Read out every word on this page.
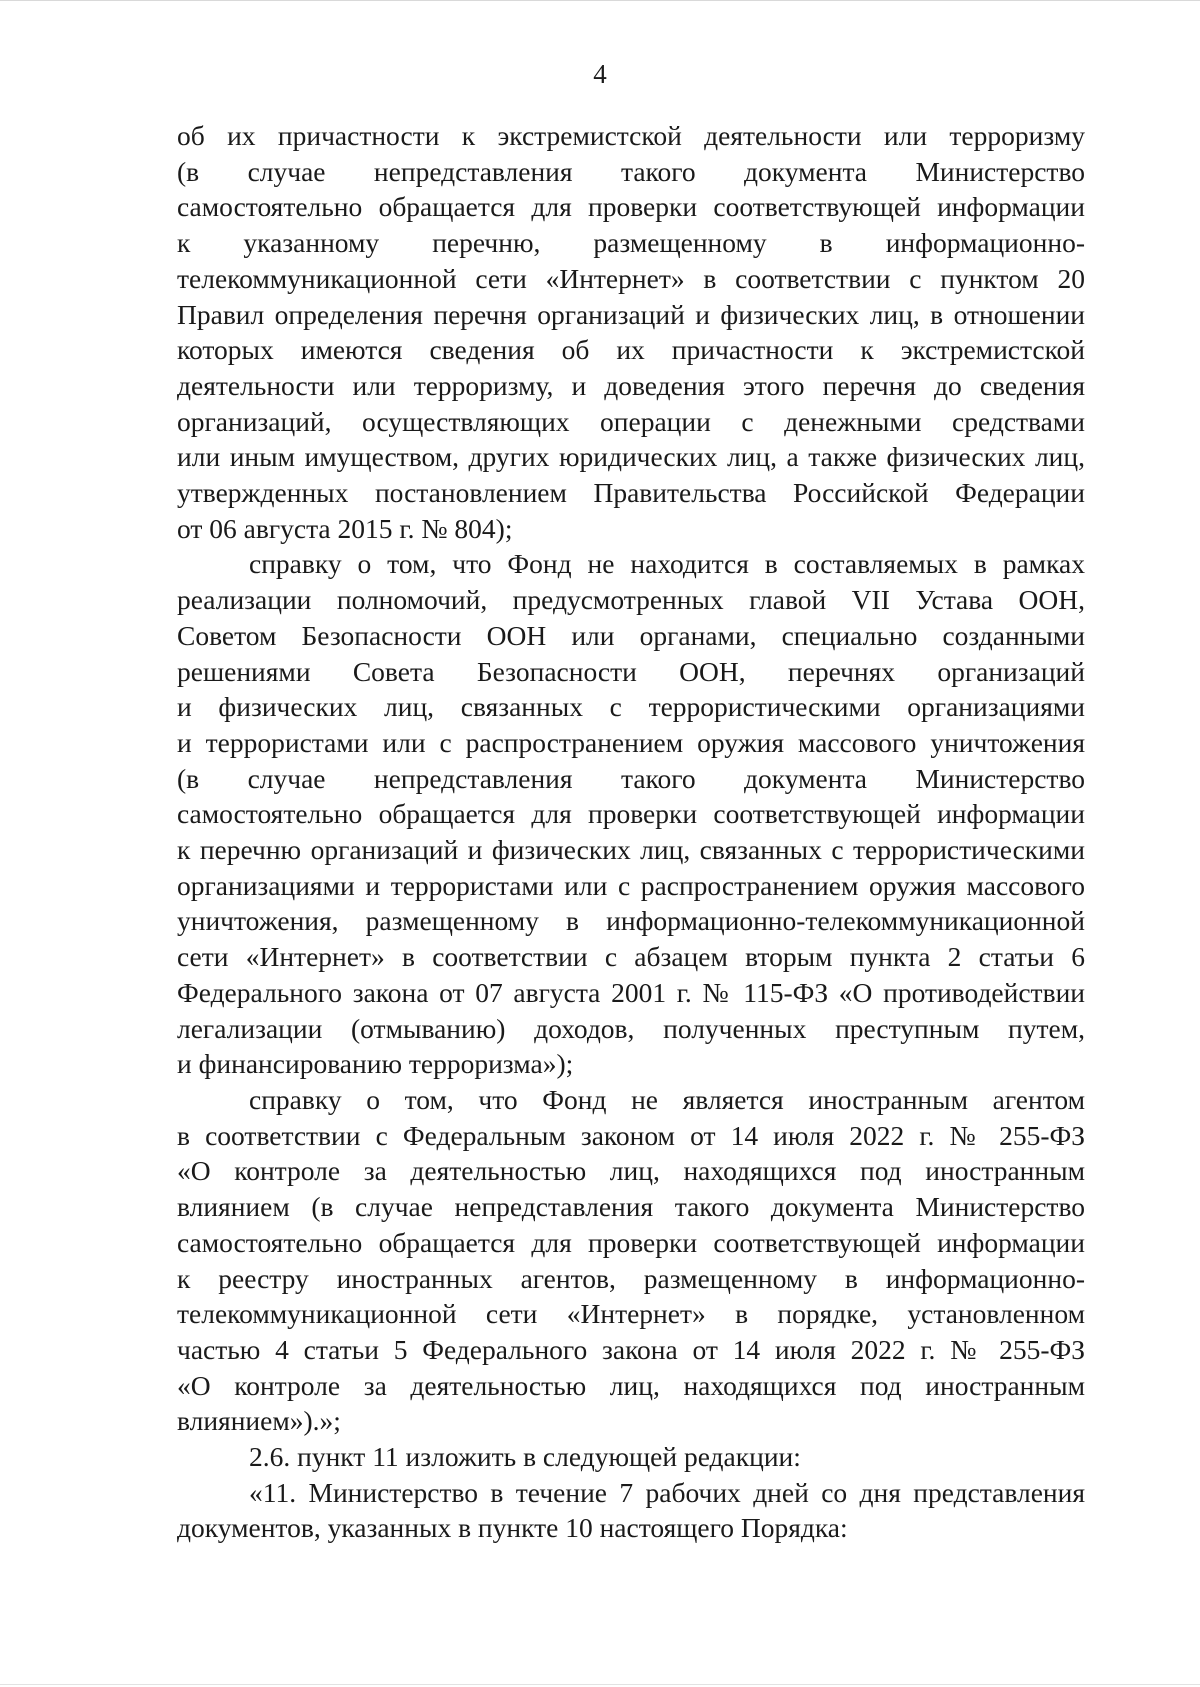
4
об их причастности к экстремистской деятельности или терроризму
(в случае непредставления такого документа Министерство
самостоятельно обращается для проверки соответствующей информации
к указанному перечню, размещенному в информационно-
телекоммуникационной сети «Интернет» в соответствии с пунктом 20
Правил определения перечня организаций и физических лиц, в отношении
которых имеются сведения об их причастности к экстремистской
деятельности или терроризму, и доведения этого перечня до сведения
организаций, осуществляющих операции с денежными средствами
или иным имуществом, других юридических лиц, а также физических лиц,
утвержденных постановлением Правительства Российской Федерации
от 06 августа 2015 г. № 804);
справку о том, что Фонд не находится в составляемых в рамках
реализации полномочий, предусмотренных главой VII Устава ООН,
Советом Безопасности ООН или органами, специально созданными
решениями Совета Безопасности ООН, перечнях организаций
и физических лиц, связанных с террористическими организациями
и террористами или с распространением оружия массового уничтожения
(в случае непредставления такого документа Министерство
самостоятельно обращается для проверки соответствующей информации
к перечню организаций и физических лиц, связанных с террористическими
организациями и террористами или с распространением оружия массового
уничтожения, размещенному в информационно-телекоммуникационной
сети «Интернет» в соответствии с абзацем вторым пункта 2 статьи 6
Федерального закона от 07 августа 2001 г. № 115-ФЗ «О противодействии
легализации (отмыванию) доходов, полученных преступным путем,
и финансированию терроризма»);
справку о том, что Фонд не является иностранным агентом
в соответствии с Федеральным законом от 14 июля 2022 г. № 255-ФЗ
«О контроле за деятельностью лиц, находящихся под иностранным
влиянием (в случае непредставления такого документа Министерство
самостоятельно обращается для проверки соответствующей информации
к реестру иностранных агентов, размещенному в информационно-
телекоммуникационной сети «Интернет» в порядке, установленном
частью 4 статьи 5 Федерального закона от 14 июля 2022 г. № 255-ФЗ
«О контроле за деятельностью лиц, находящихся под иностранным
влиянием»).»;
2.6. пункт 11 изложить в следующей редакции:
«11. Министерство в течение 7 рабочих дней со дня представления
документов, указанных в пункте 10 настоящего Порядка:
